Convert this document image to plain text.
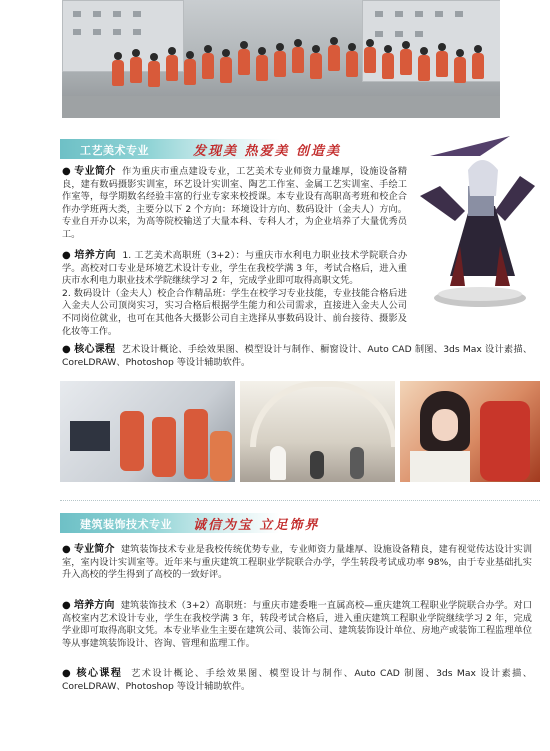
工艺美术专业	发现美 热爱美 创造美
● 专业简介 作为重庆市重点建设专业，工艺美术专业师资力量雄厚，设施设备精良，建有数码摄影实训室，环艺设计实训室、陶艺工作室、金属工艺实训室、手绘工作室等，每学期数名经验丰富的行业专家来校授课。本专业设有高职高考班和校企合作办学班两大类，主要分以下 2 个方向：环境设计方向、数码设计（金夫人）方向。专业自开办以来，为高等院校输送了大量本科、专科人才，为企业培养了大量优秀员工。
● 培养方向 1. 工艺美术高职班（3+2）：与重庆市水利电力职业技术学院联合办学。高校对口专业是环境艺术设计专业，学生在我校学满 3 年，考试合格后，进入重庆市水利电力职业技术学院继续学习 2 年，完成学业即可取得高职文凭。
2. 数码设计（金夫人）校企合作精品班：学生在校学习专业技能，专业技能合格后进入金夫人公司顶岗实习，实习合格后根据学生能力和公司需求，直接进入金夫人公司不同岗位就业，也可在其他各大摄影公司自主选择从事数码设计、前台接待、摄影及化妆等工作。
● 核心课程 艺术设计概论、手绘效果图、模型设计与制作、橱窗设计、Auto CAD 制图、3ds Max 设计素描、CoreLDRAW、Photoshop 等设计辅助软件。
建筑装饰技术专业 诚信为宝 立足饰界
● 专业简介 建筑装饰技术专业是我校传统优势专业，专业师资力量雄厚、设施设备精良，建有视觉传达设计实训室，室内设计实训室等。近年来与重庆建筑工程职业学院联合办学，学生转段考试成功率 98%，由于专业基础扎实升入高校的学生得到了高校的一致好评。
● 培养方向 建筑装饰技术（3+2）高职班：与重庆市建委唯一直属高校—重庆建筑工程职业学院联合办学。对口高校室内艺术设计专业，学生在我校学满 3 年，转段考试合格后，进入重庆建筑工程职业学院继续学习 2 年，完成学业即可取得高职文凭。本专业毕业生主要在建筑公司、装饰公司、建筑装饰设计单位、房地产或装饰工程监理单位等从事建筑装饰设计、咨询、管理和监理工作。
● 核心课程 艺术设计概论、手绘效果图、模型设计与制作、Auto CAD 制图、3ds Max 设计素描、CoreLDRAW、Photoshop 等设计辅助软件。
